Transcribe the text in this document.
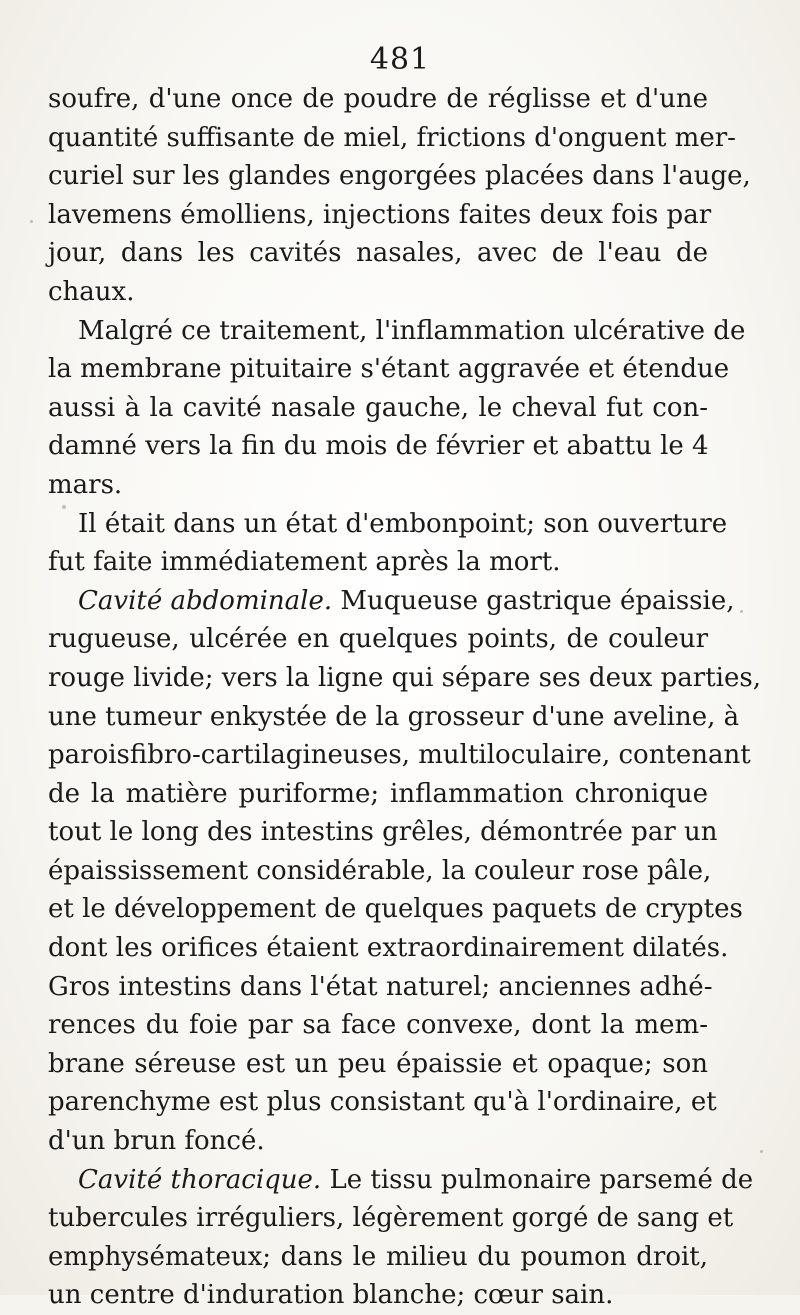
481
soufre, d'une once de poudre de réglisse et d'une
quantité suffisante de miel, frictions d'onguent mer-
curiel sur les glandes engorgées placées dans l'auge,
lavemens émolliens, injections faites deux fois par
jour, dans les cavités nasales, avec de l'eau de
chaux.
Malgré ce traitement, l'inflammation ulcérative de
la membrane pituitaire s'étant aggravée et étendue
aussi à la cavité nasale gauche, le cheval fut con-
damné vers la fin du mois de février et abattu le 4
mars.
Il était dans un état d'embonpoint; son ouverture
fut faite immédiatement après la mort.
Cavité abdominale. Muqueuse gastrique épaissie,
rugueuse, ulcérée en quelques points, de couleur
rouge livide; vers la ligne qui sépare ses deux parties,
une tumeur enkystée de la grosseur d'une aveline, à
paroisfibro-cartilagineuses, multiloculaire, contenant
de la matière puriforme; inflammation chronique
tout le long des intestins grêles, démontrée par un
épaississement considérable, la couleur rose pâle,
et le développement de quelques paquets de cryptes
dont les orifices étaient extraordinairement dilatés.
Gros intestins dans l'état naturel; anciennes adhé-
rences du foie par sa face convexe, dont la mem-
brane séreuse est un peu épaissie et opaque; son
parenchyme est plus consistant qu'à l'ordinaire, et
d'un brun foncé.
Cavité thoracique. Le tissu pulmonaire parsemé de
tubercules irréguliers, légèrement gorgé de sang et
emphysémateux; dans le milieu du poumon droit,
un centre d'induration blanche; cœur sain.
